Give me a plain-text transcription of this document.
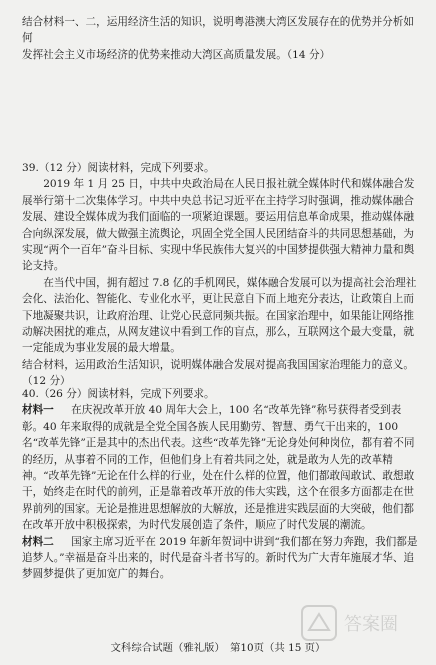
结合材料一、二，运用经济生活的知识，说明粤港澳大湾区发展存在的优势并分析如何

发挥社会主义市场经济的优势来推动大湾区高质量发展。（14 分）

39.（12 分）阅读材料，完成下列要求。

2019 年 1 月 25 日，中共中央政治局在人民日报社就全媒体时代和媒体融合发展举行第十二次集体学习。中共中央总书记习近平在主持学习时强调，推动媒体融合发展、建设全媒体成为我们面临的一项紧迫课题。要运用信息革命成果，推动媒体融合向纵深发展，做大做强主流舆论，巩固全党全国人民团结奋斗的共同思想基础，为实现“两个一百年”奋斗目标、实现中华民族伟大复兴的中国梦提供强大精神力量和舆论支持。

在当代中国，拥有超过 7.8 亿的手机网民，媒体融合发展可以为提高社会治理社会化、法治化、智能化、专业化水平，更让民意自下而上地充分表达，让政策自上而下地凝聚共识，让政府治理、让党心民意同频共振。在国家治理中，如果能让网络推动解决困扰的难点，从网友建议中看到工作的盲点，那么，互联网这个最大变量，就一定能成为事业发展的最大增量。

结合材料，运用政治生活知识，说明媒体融合发展对提高我国国家治理能力的意义。（12 分）

40.（26 分）阅读材料，完成下列要求。

材料一 　 在庆祝改革开放 40 周年大会上，100 名“改革先锋”称号获得者受到表彰。40 年来取得的成就是全党全国各族人民用勤劳、智慧、勇气干出来的，100 名“改革先锋”正是其中的杰出代表。这些“改革先锋”无论身处何种岗位，都有着不同的经历，从事着不同的工作，但他们身上有着共同之处，就是敢为人先的改革精神。“改革先锋”无论在什么样的行业，处在什么样的位置，他们都敢闯敢试、敢想敢干，始终走在时代的前列，正是靠着改革开放的伟大实践，这个在很多方面都走在世界前列的国家。无论是推进思想解放的大解放，还是推进实践层面的大突破，他们都在改革开放中积极探索，为时代发展创造了条件，顺应了时代发展的潮流。

材料二 　 国家主席习近平在 2019 年新年贺词中讲到“我们都在努力奔跑，我们都是追梦人。”幸福是奋斗出来的，时代是奋斗者书写的。新时代为广大青年施展才华、追梦圆梦提供了更加宽广的舞台。

文科综合试题（雅礼版）　第10页（共 15 页）
答案圈
